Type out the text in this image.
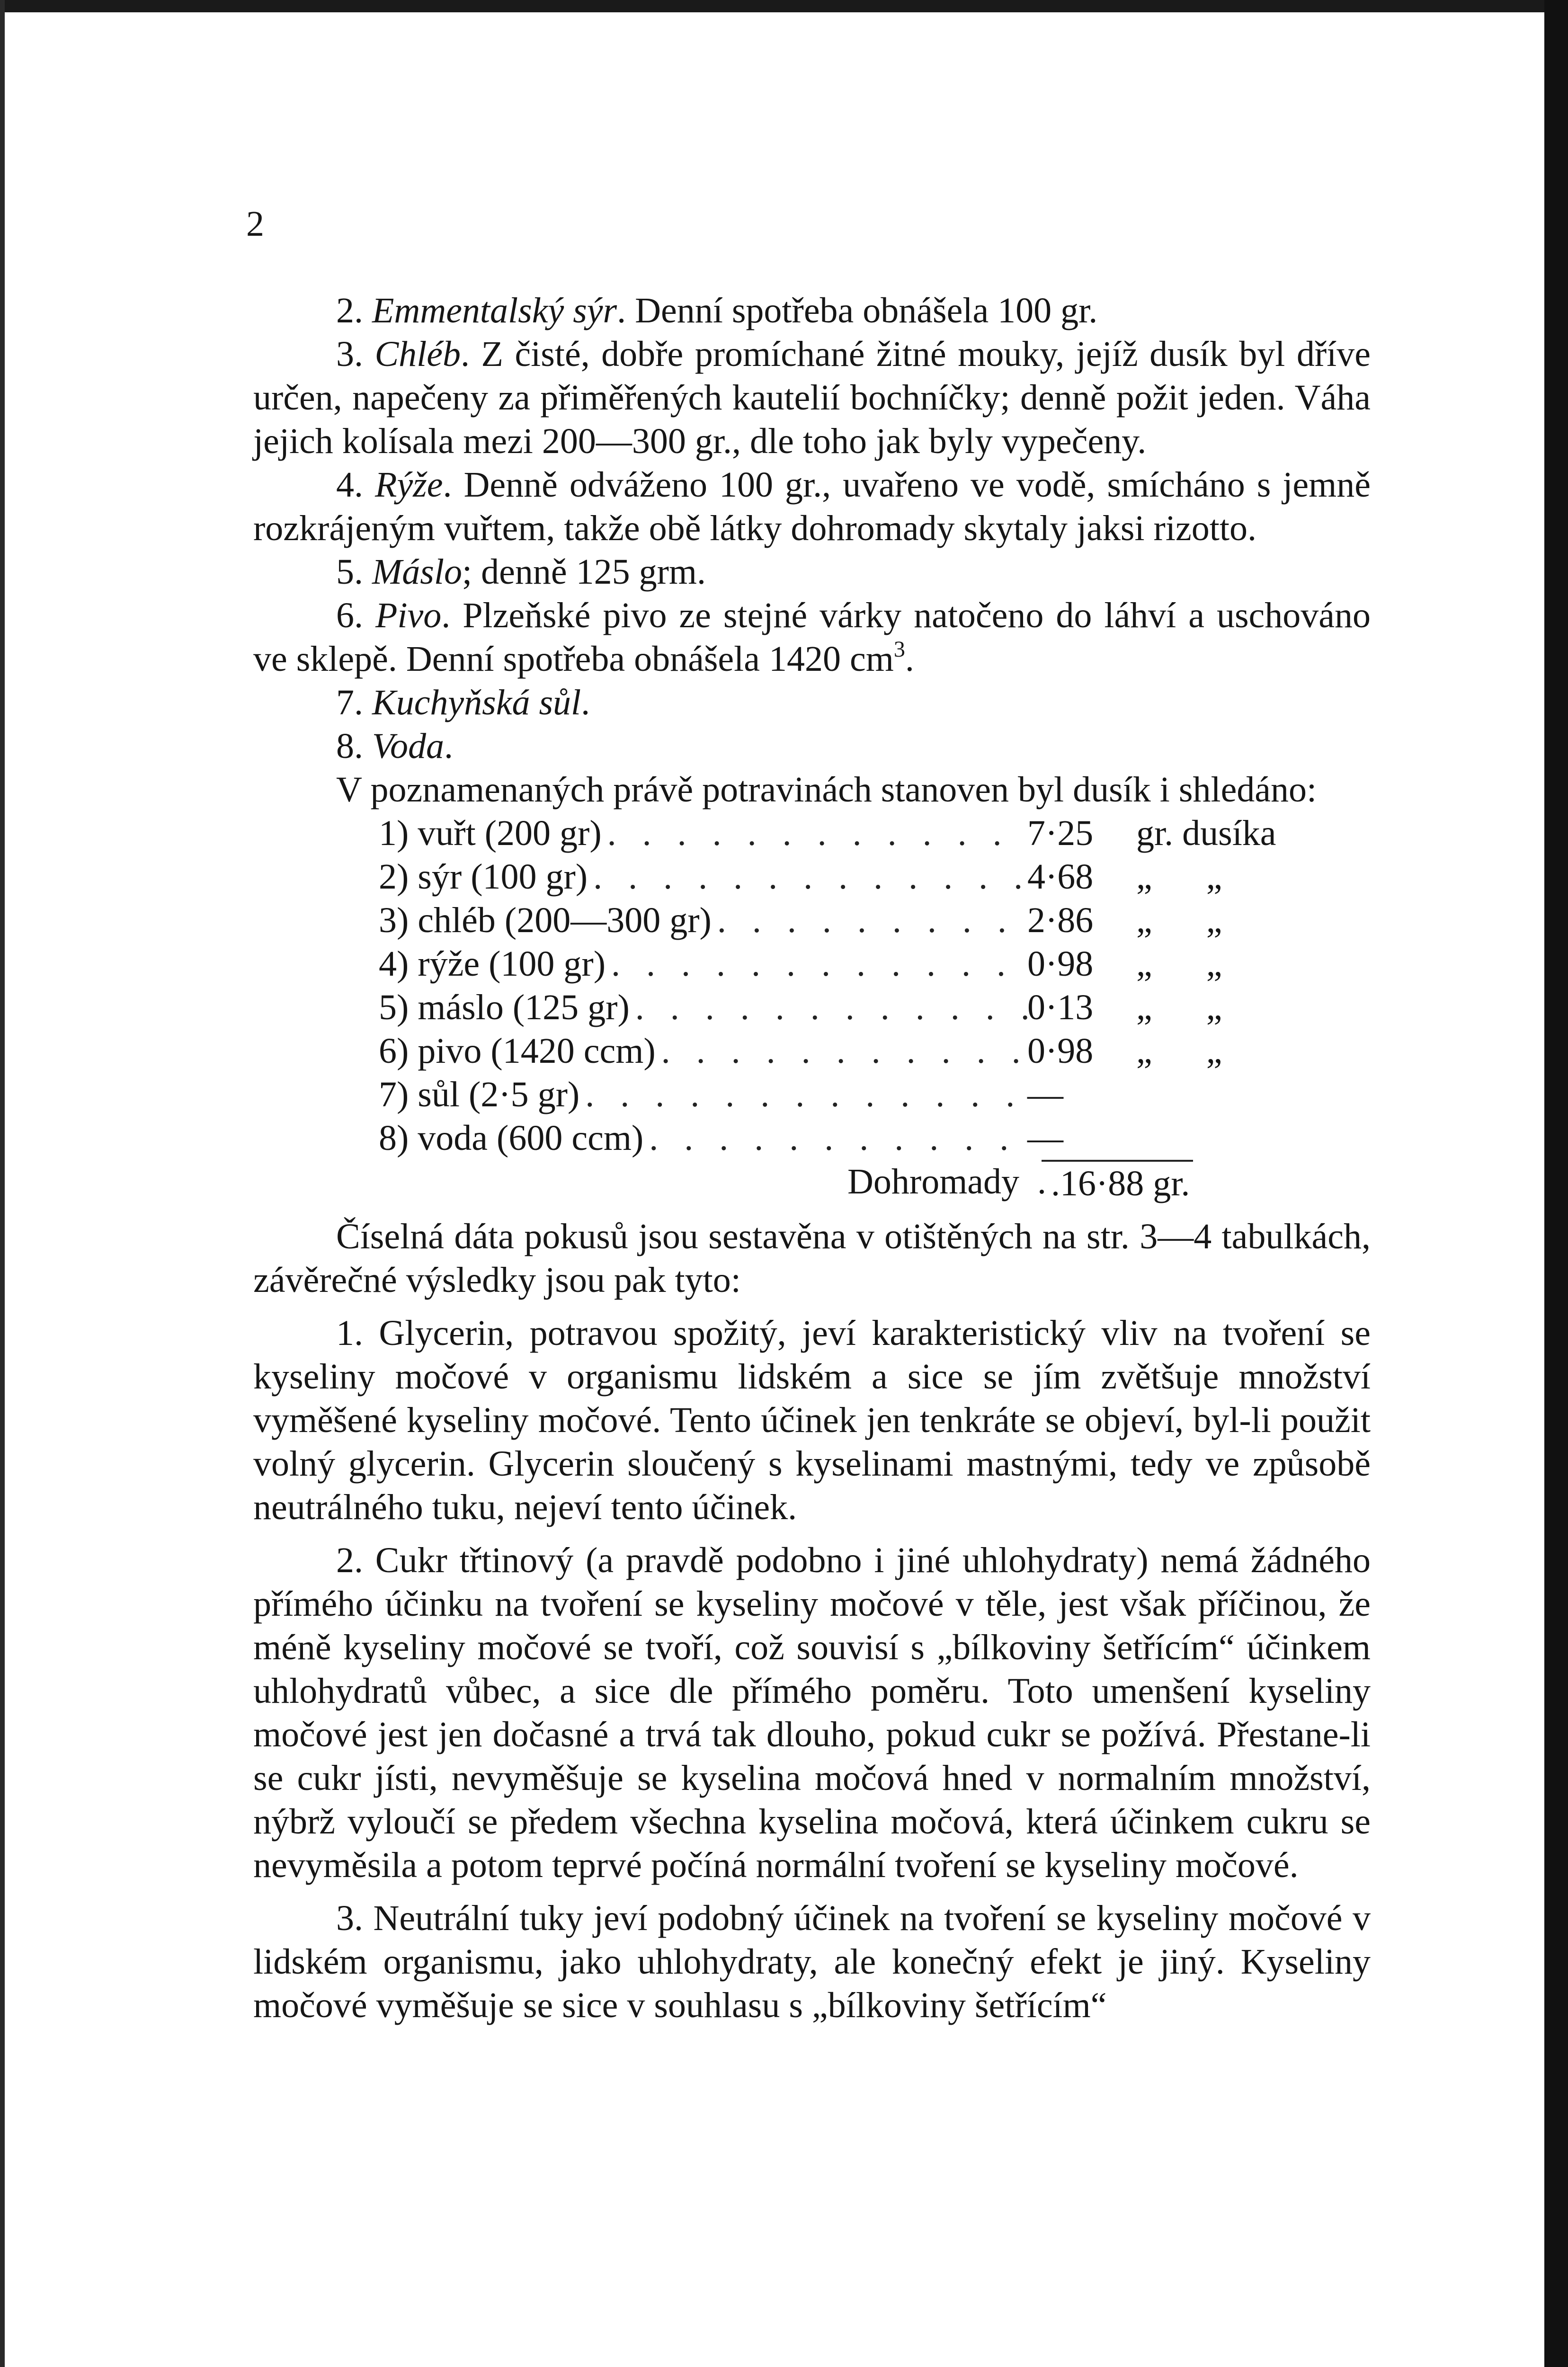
2

2. Emmentalský sýr. Denní spotřeba obnášela 100 gr.

3. Chléb. Z čisté, dobře promíchané žitné mouky, jejíž dusík byl dříve určen, napečeny za přiměřených kautelií bochníčky; denně požit jeden. Váha jejich kolísala mezi 200—300 gr., dle toho jak byly vypečeny.

4. Rýže. Denně odváženo 100 gr., uvařeno ve vodě, smícháno s jemně rozkrájeným vuřtem, takže obě látky dohromady skytaly jaksi rizotto.

5. Máslo; denně 125 grm.

6. Pivo. Plzeňské pivo ze stejné várky natočeno do láhví a uschováno ve sklepě. Denní spotřeba obnášela 1420 $cm^3$.

7. Kuchyňská sůl.

8. Voda.

V poznamenaných právě potravinách stanoven byl dusík i shledáno:

1) vuřt (200 gr) . . .	7·25	gr. dusíka
2) sýr (100 gr) . . .	4·68	„      „
3) chléb (200—300 gr) . . .	2·86	„      „
4) rýže (100 gr) . . .	0·98	„      „
5) máslo (125 gr) . . .	0·13	„      „
6) pivo (1420 ccm) . . .	0·98	„      „
7) sůl (2·5 gr) . . .	—
8) voda (600 ccm) . . .	—
Dohromady  . .16·88 gr.

Číselná dáta pokusů jsou sestavěna v otištěných na str. 3—4 tabulkách, závěrečné výsledky jsou pak tyto:

1. Glycerin, potravou spožitý, jeví karakteristický vliv na tvoření se kyseliny močové v organismu lidském a sice se jím zvětšuje množství vyměšené kyseliny močové. Tento účinek jen tenkráte se objeví, byl-li použit volný glycerin. Glycerin sloučený s kyselinami mastnými, tedy ve způsobě neutrálného tuku, nejeví tento účinek.

2. Cukr třtinový (a pravdě podobno i jiné uhlohydraty) nemá žádného přímého účinku na tvoření se kyseliny močové v těle, jest však příčinou, že méně kyseliny močové se tvoří, což souvisí s „bílkoviny šetřícím“ účinkem uhlohydratů vůbec, a sice dle přímého poměru. Toto umenšení kyseliny močové jest jen dočasné a trvá tak dlouho, pokud cukr se požívá. Přestane-li se cukr jísti, nevyměšuje se kyselina močová hned v normalním množství, nýbrž vyloučí se předem všechna kyselina močová, která účinkem cukru se nevyměsila a potom teprvé počíná normální tvoření se kyseliny močové.

3. Neutrální tuky jeví podobný účinek na tvoření se kyseliny močové v lidském organismu, jako uhlohydraty, ale konečný efekt je jiný. Kyseliny močové vyměšuje se sice v souhlasu s „bílkoviny šetřícím“
